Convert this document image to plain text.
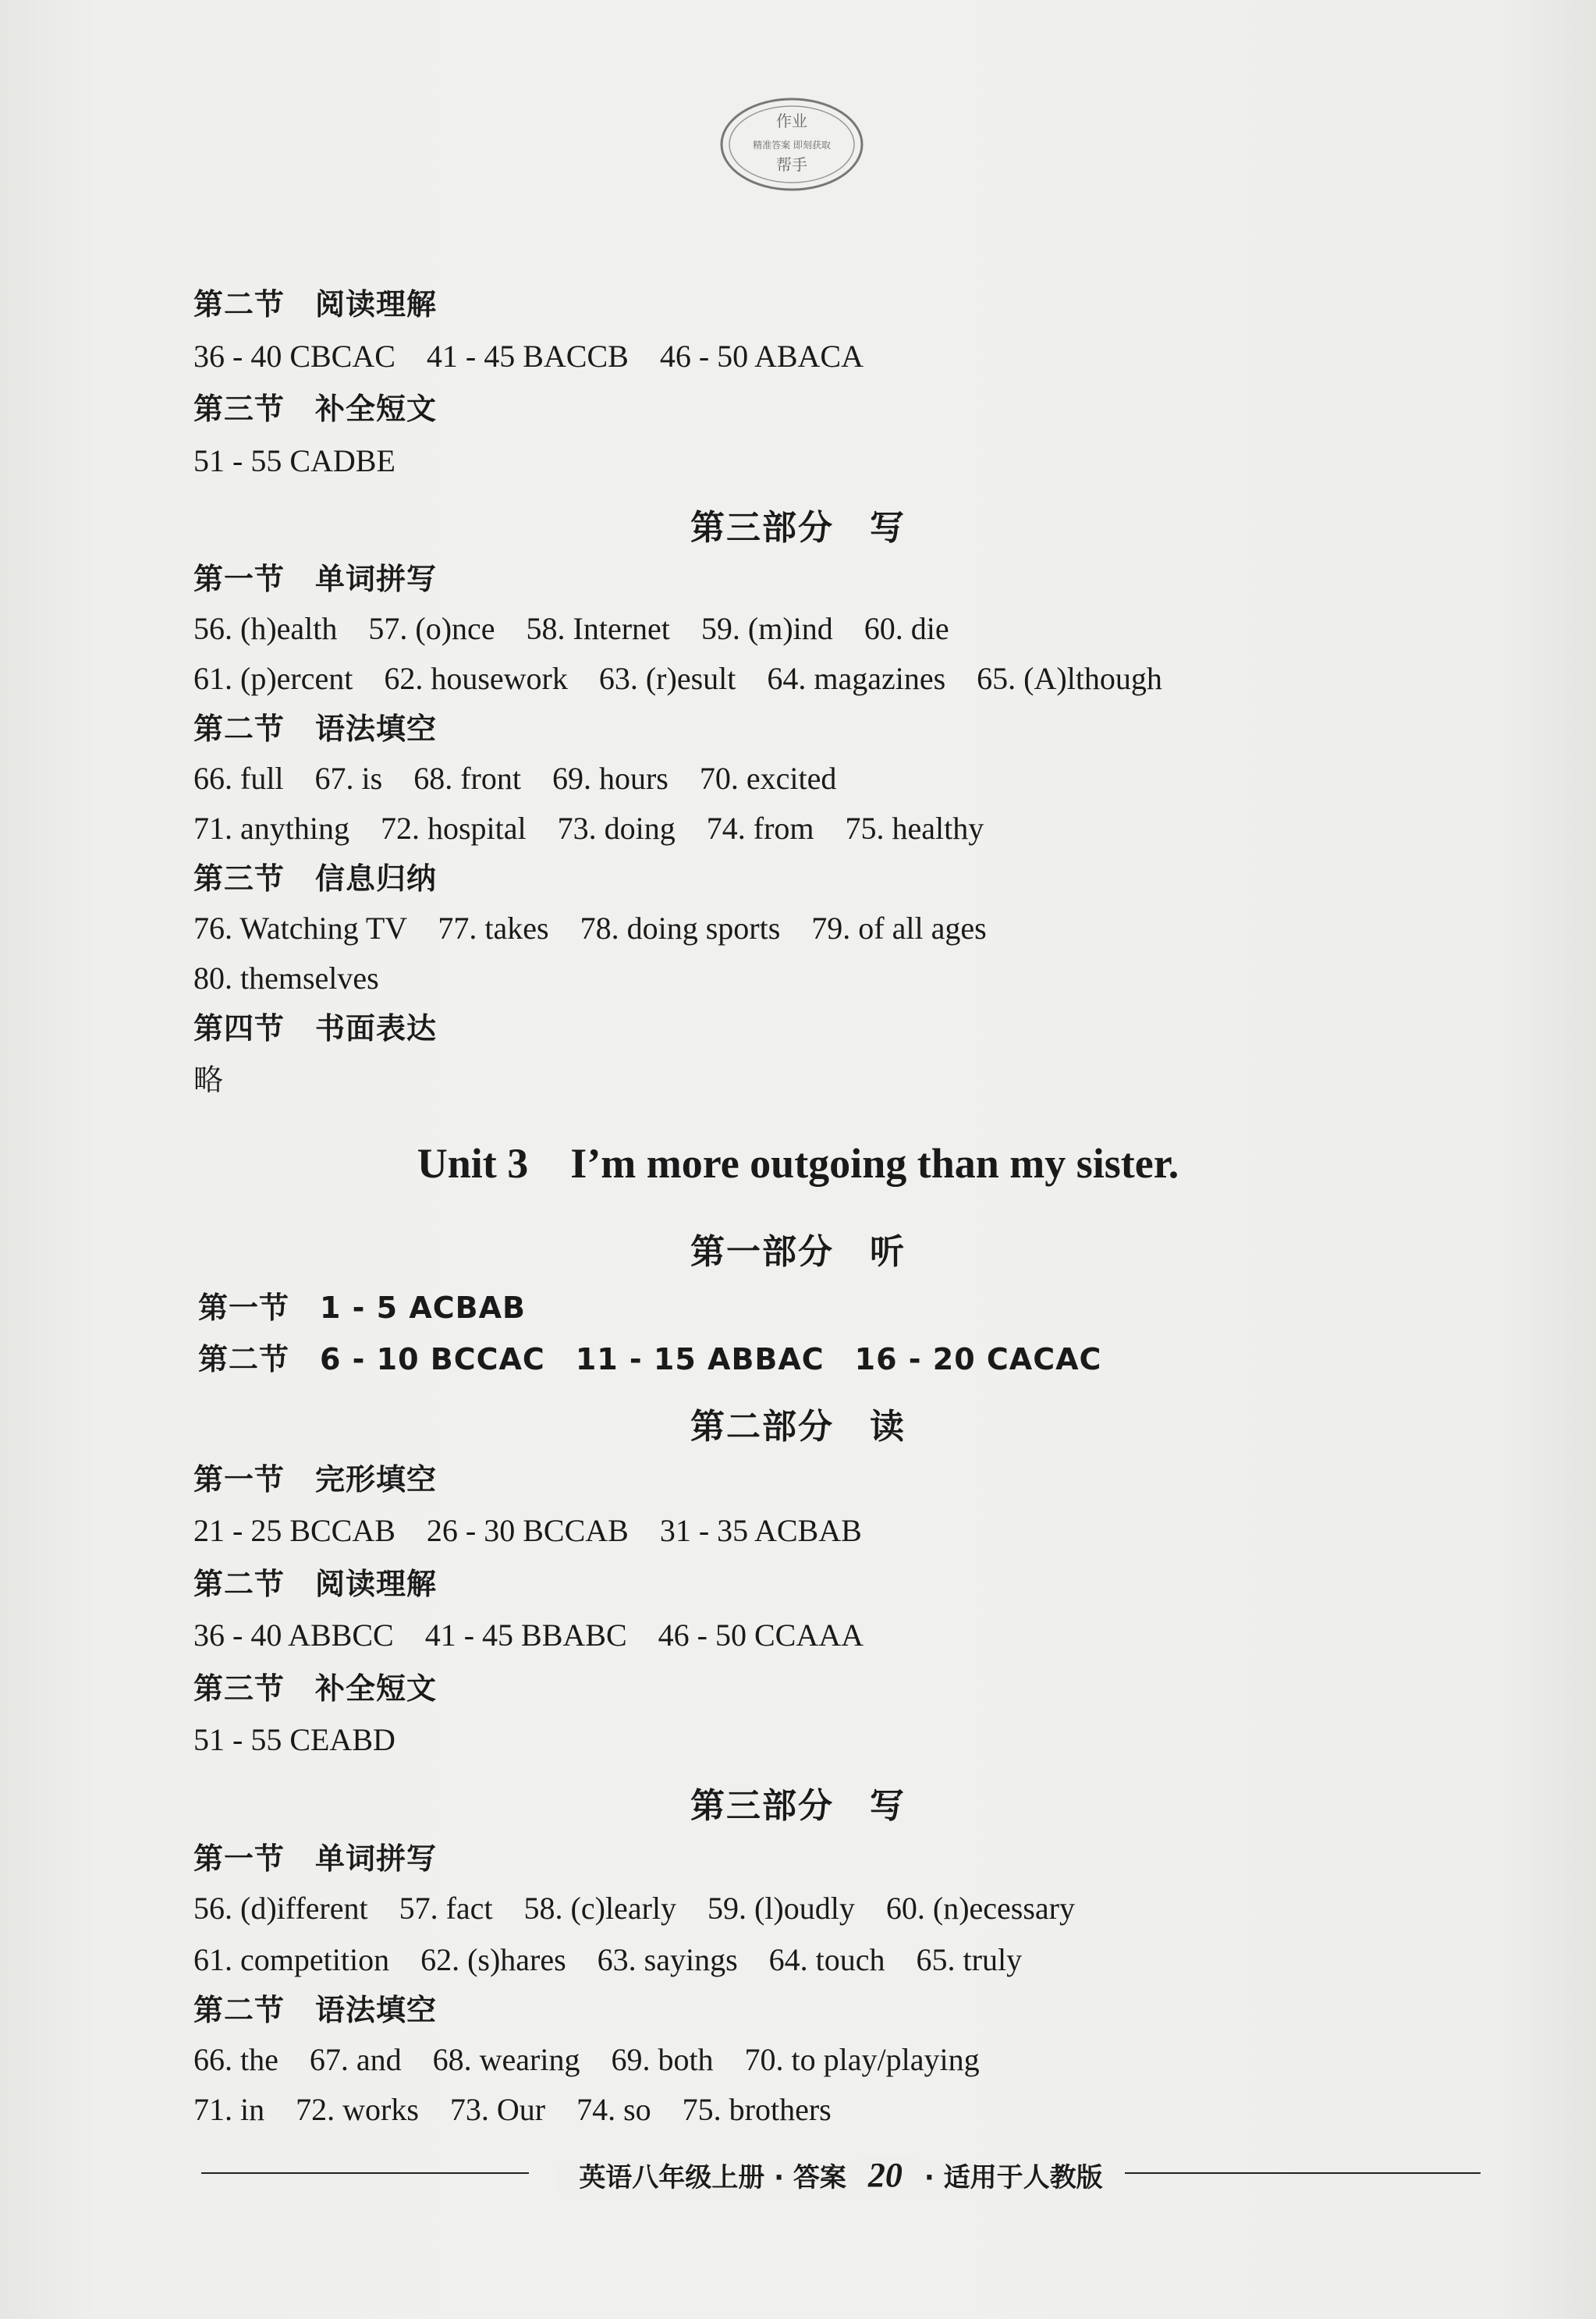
作业
精准答案 即刻获取
帮手
第二节　阅读理解
36 - 40 CBCAC　41 - 45 BACCB　46 - 50 ABACA
第三节　补全短文
51 - 55 CADBE
第三部分　写
第一节　单词拼写
56. (h)ealth　57. (o)nce　58. Internet　59. (m)ind　60. die
61. (p)ercent　62. housework　63. (r)esult　64. magazines　65. (A)lthough
第二节　语法填空
66. full　67. is　68. front　69. hours　70. excited
71. anything　72. hospital　73. doing　74. from　75. healthy
第三节　信息归纳
76. Watching TV　77. takes　78. doing sports　79. of all ages
80. themselves
第四节　书面表达
略
Unit 3　I’m more outgoing than my sister.
第一部分　听
第一节　1 - 5 ACBAB
第二节　6 - 10 BCCAC　11 - 15 ABBAC　16 - 20 CACAC
第二部分　读
第一节　完形填空
21 - 25 BCCAB　26 - 30 BCCAB　31 - 35 ACBAB
第二节　阅读理解
36 - 40 ABBCC　41 - 45 BBABC　46 - 50 CCAAA
第三节　补全短文
51 - 55 CEABD
第三部分　写
第一节　单词拼写
56. (d)ifferent　57. fact　58. (c)learly　59. (l)oudly　60. (n)ecessary
61. competition　62. (s)hares　63. sayings　64. touch　65. truly
第二节　语法填空
66. the　67. and　68. wearing　69. both　70. to play/playing
71. in　72. works　73. Our　74. so　75. brothers
英语八年级上册 · 答案 20 · 适用于人教版
